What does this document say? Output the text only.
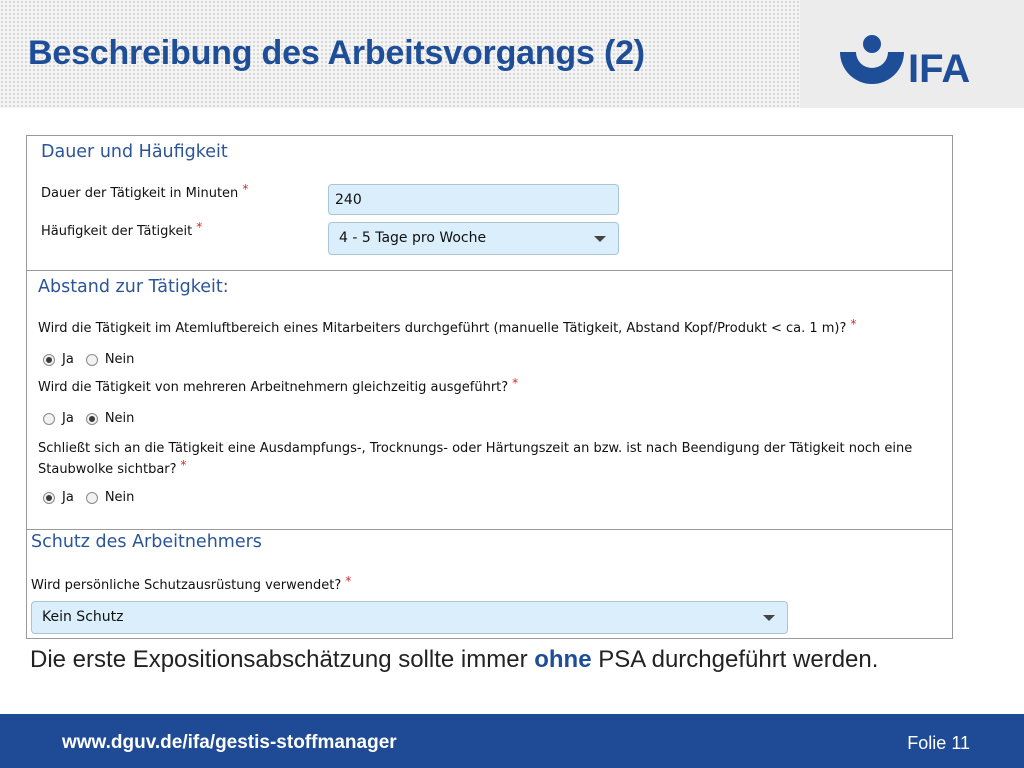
Beschreibung des Arbeitsvorgangs (2)	IFA
Dauer und Häufigkeit
Dauer der Tätigkeit in Minuten *
240
Häufigkeit der Tätigkeit *
4 - 5 Tage pro Woche
Abstand zur Tätigkeit:
Wird die Tätigkeit im Atemluftbereich eines Mitarbeiters durchgeführt (manuelle Tätigkeit, Abstand Kopf/Produkt < ca. 1 m)? *
Ja Nein
Wird die Tätigkeit von mehreren Arbeitnehmern gleichzeitig ausgeführt? *
Ja Nein
Schließt sich an die Tätigkeit eine Ausdampfungs-, Trocknungs- oder Härtungszeit an bzw. ist nach Beendigung der Tätigkeit noch eine Staubwolke sichtbar? *
Ja Nein
Schutz des Arbeitnehmers
Wird persönliche Schutzausrüstung verwendet? *
Kein Schutz
Die erste Expositionsabschätzung sollte immer ohne PSA durchgeführt werden.
www.dguv.de/ifa/gestis-stoffmanager	Folie 11
